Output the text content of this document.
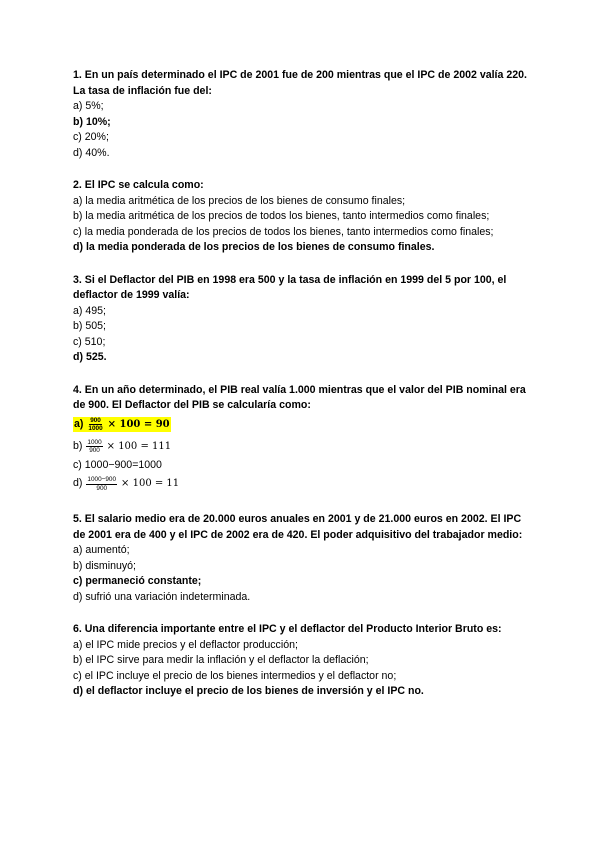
1. En un país determinado el IPC de 2001 fue de 200 mientras que el IPC de 2002 valía 220. La tasa de inflación fue del:

a) 5%;

b) 10%;

c) 20%;

d) 40%.

2. El IPC se calcula como:

a) la media aritmética de los precios de los bienes de consumo finales;

b) la media aritmética de los precios de todos los bienes, tanto intermedios como finales;

c) la media ponderada de los precios de todos los bienes, tanto intermedios como finales;

d) la media ponderada de los precios de los bienes de consumo finales.

3. Si el Deflactor del PIB en 1998 era 500 y la tasa de inflación en 1999 del 5 por 100, el deflactor de 1999 valía:

a) 495;

b) 505;

c) 510;

d) 525.

4. En un año determinado, el PIB real valía 1.000 mientras que el valor del PIB nominal era de 900. El Deflactor del PIB se calcularía como:

$a) \frac{900}{1000} \times 100 = 90$
$b) \frac{1000}{900} \times 100 = 111$

c) 1000−900=1000

$d) \frac{1000-900}{900} \times 100 = 11$

5. El salario medio era de 20.000 euros anuales en 2001 y de 21.000 euros en 2002. El IPC de 2001 era de 400 y el IPC de 2002 era de 420. El poder adquisitivo del trabajador medio:

a) aumentó;

b) disminuyó;

c) permaneció constante;

d) sufrió una variación indeterminada.

6. Una diferencia importante entre el IPC y el deflactor del Producto Interior Bruto es:

a) el IPC mide precios y el deflactor producción;

b) el IPC sirve para medir la inflación y el deflactor la deflación;

c) el IPC incluye el precio de los bienes intermedios y el deflactor no;

d) el deflactor incluye el precio de los bienes de inversión y el IPC no.
